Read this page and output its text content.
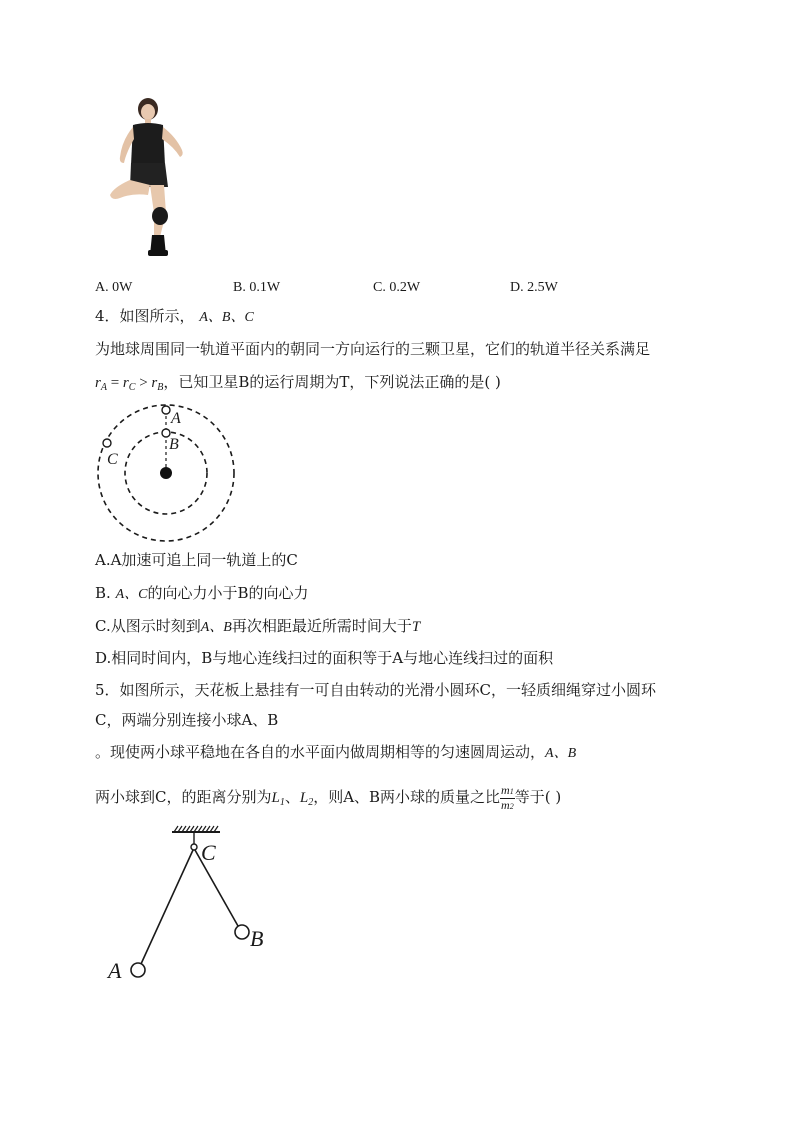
A. 0W	B. 0.1W	C. 0.2W	D. 2.5W
4．如图所示， A、B、C
为地球周围同一轨道平面内的朝同一方向运行的三颗卫星，它们的轨道半径关系满足
$r_A = r_C > r_B$，已知卫星B的运行周期为T，下列说法正确的是( )
A
B
C
A.A加速可追上同一轨道上的C
B. A、C的向心力小于B的向心力
C.从图示时刻到A、B再次相距最近所需时间大于T
D.相同时间内，B与地心连线扫过的面积等于A与地心连线扫过的面积
5．如图所示，天花板上悬挂有一可自由转动的光滑小圆环C，一轻质细绳穿过小圆环
C，两端分别连接小球A、B
。现使两小球平稳地在各自的水平面内做周期相等的匀速圆周运动，A、B
两小球到C，的距离分别为$L_1$、$L_2$，则A、B两小球的质量之比 $\frac{m1}{m2}$ 等于( )
C
B
A
